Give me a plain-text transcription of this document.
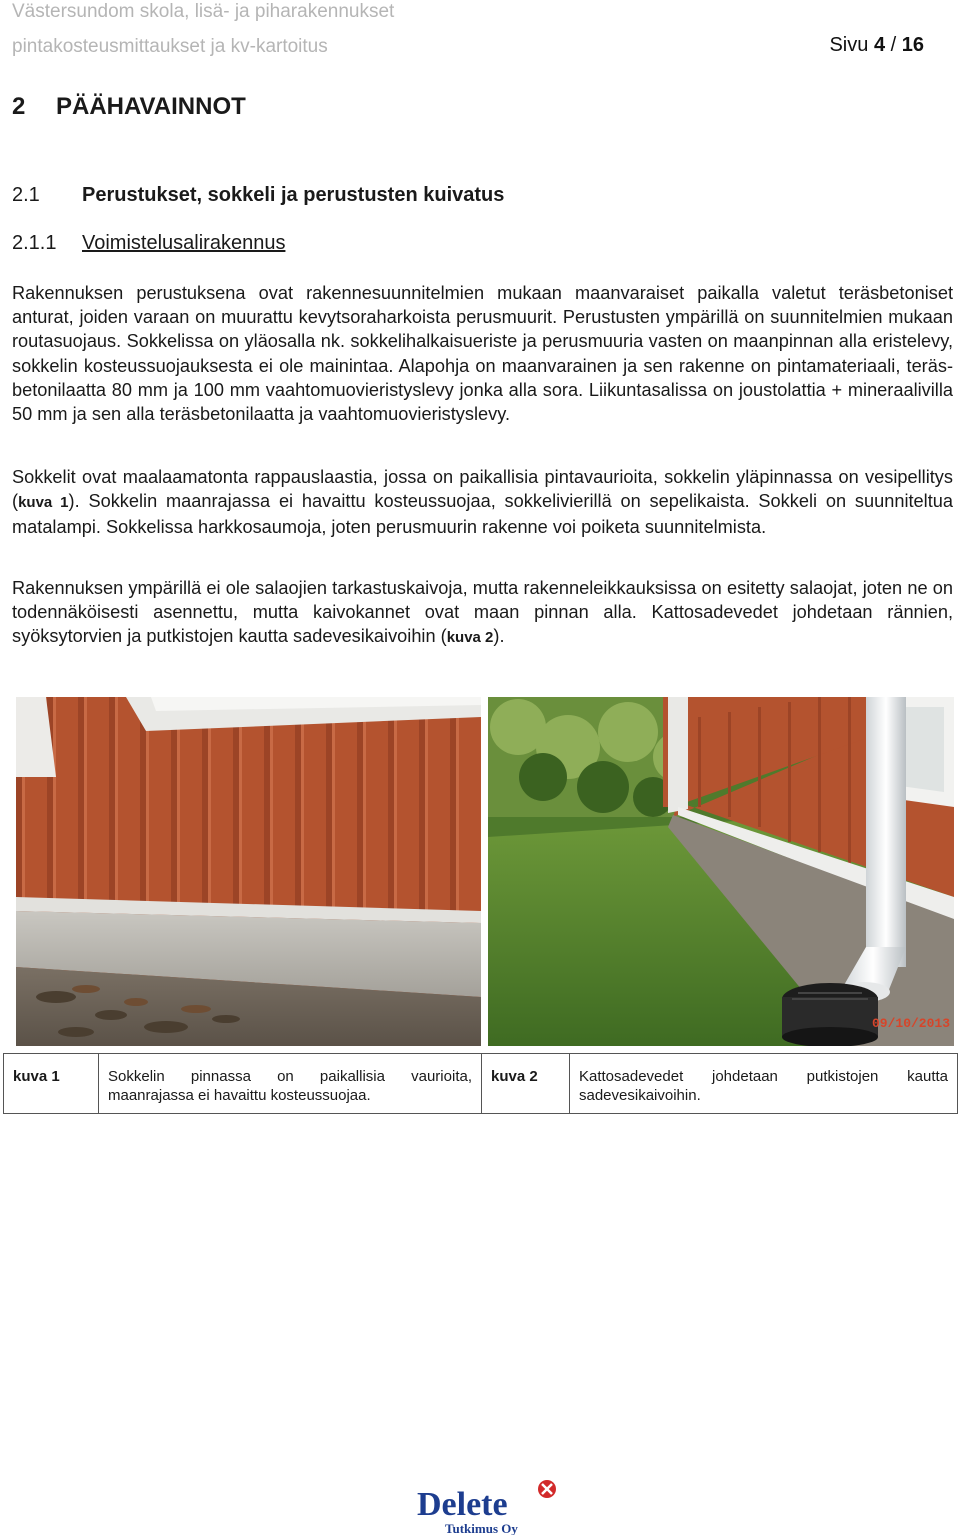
Västersundom skola, lisä- ja piharakennukset
pintakosteusmittaukset ja kv-kartoitus	Sivu 4 / 16
2 PÄÄHAVAINNOT
2.1 Perustukset, sokkeli ja perustusten kuivatus
2.1.1 Voimistelusalirakennus

Rakennuksen perustuksena ovat rakennesuunnitelmien mukaan maanvaraiset paikalla valetut teräsbetoniset anturat, joiden varaan on muurattu kevytsoraharkoista perusmuurit. Perustusten ympärillä on suunnitelmien mukaan routasuojaus. Sokkelissa on yläosalla nk. sokkelihalkaisueriste ja perusmuuria vasten on maanpinnan alla eristelevy, sokkelin kosteussuojauksesta ei ole mainintaa. Alapohja on maanvarainen ja sen rakenne on pintamateriaali, teräs-betonilaatta 80 mm ja 100 mm vaahtomuovieristyslevy jonka alla sora. Liikuntasalissa on joustolattia + mineraalivilla 50 mm ja sen alla teräsbetonilaatta ja vaahtomuovieristyslevy.

Sokkelit ovat maalaamatonta rappauslaastia, jossa on paikallisia pintavaurioita, sokkelin yläpinnassa on vesipellitys (kuva 1). Sokkelin maanrajassa ei havaittu kosteussuojaa, sokkelivierillä on sepelikaista. Sokkeli on suunniteltua matalampi. Sokkelissa harkkosaumoja, joten perusmuurin rakenne voi poiketa suunnitelmista.

Rakennuksen ympärillä ei ole salaojien tarkastuskaivoja, mutta rakenneleikkauksissa on esitetty salaojat, joten ne on todennäköisesti asennettu, mutta kaivokannet ovat maan pinnan alla. Kattosadevedet johdetaan rännien, syöksytorvien ja putkistojen kautta sadevesikaivoihin (kuva 2).

09/10/2013
kuva 1	Sokkelin pinnassa on paikallisia vaurioita, maanrajassa ei havaittu kosteussuojaa.	kuva 2	Kattosadevedet johdetaan putkistojen kautta sadevesikaivoihin.
Delete
Tutkimus Oy
